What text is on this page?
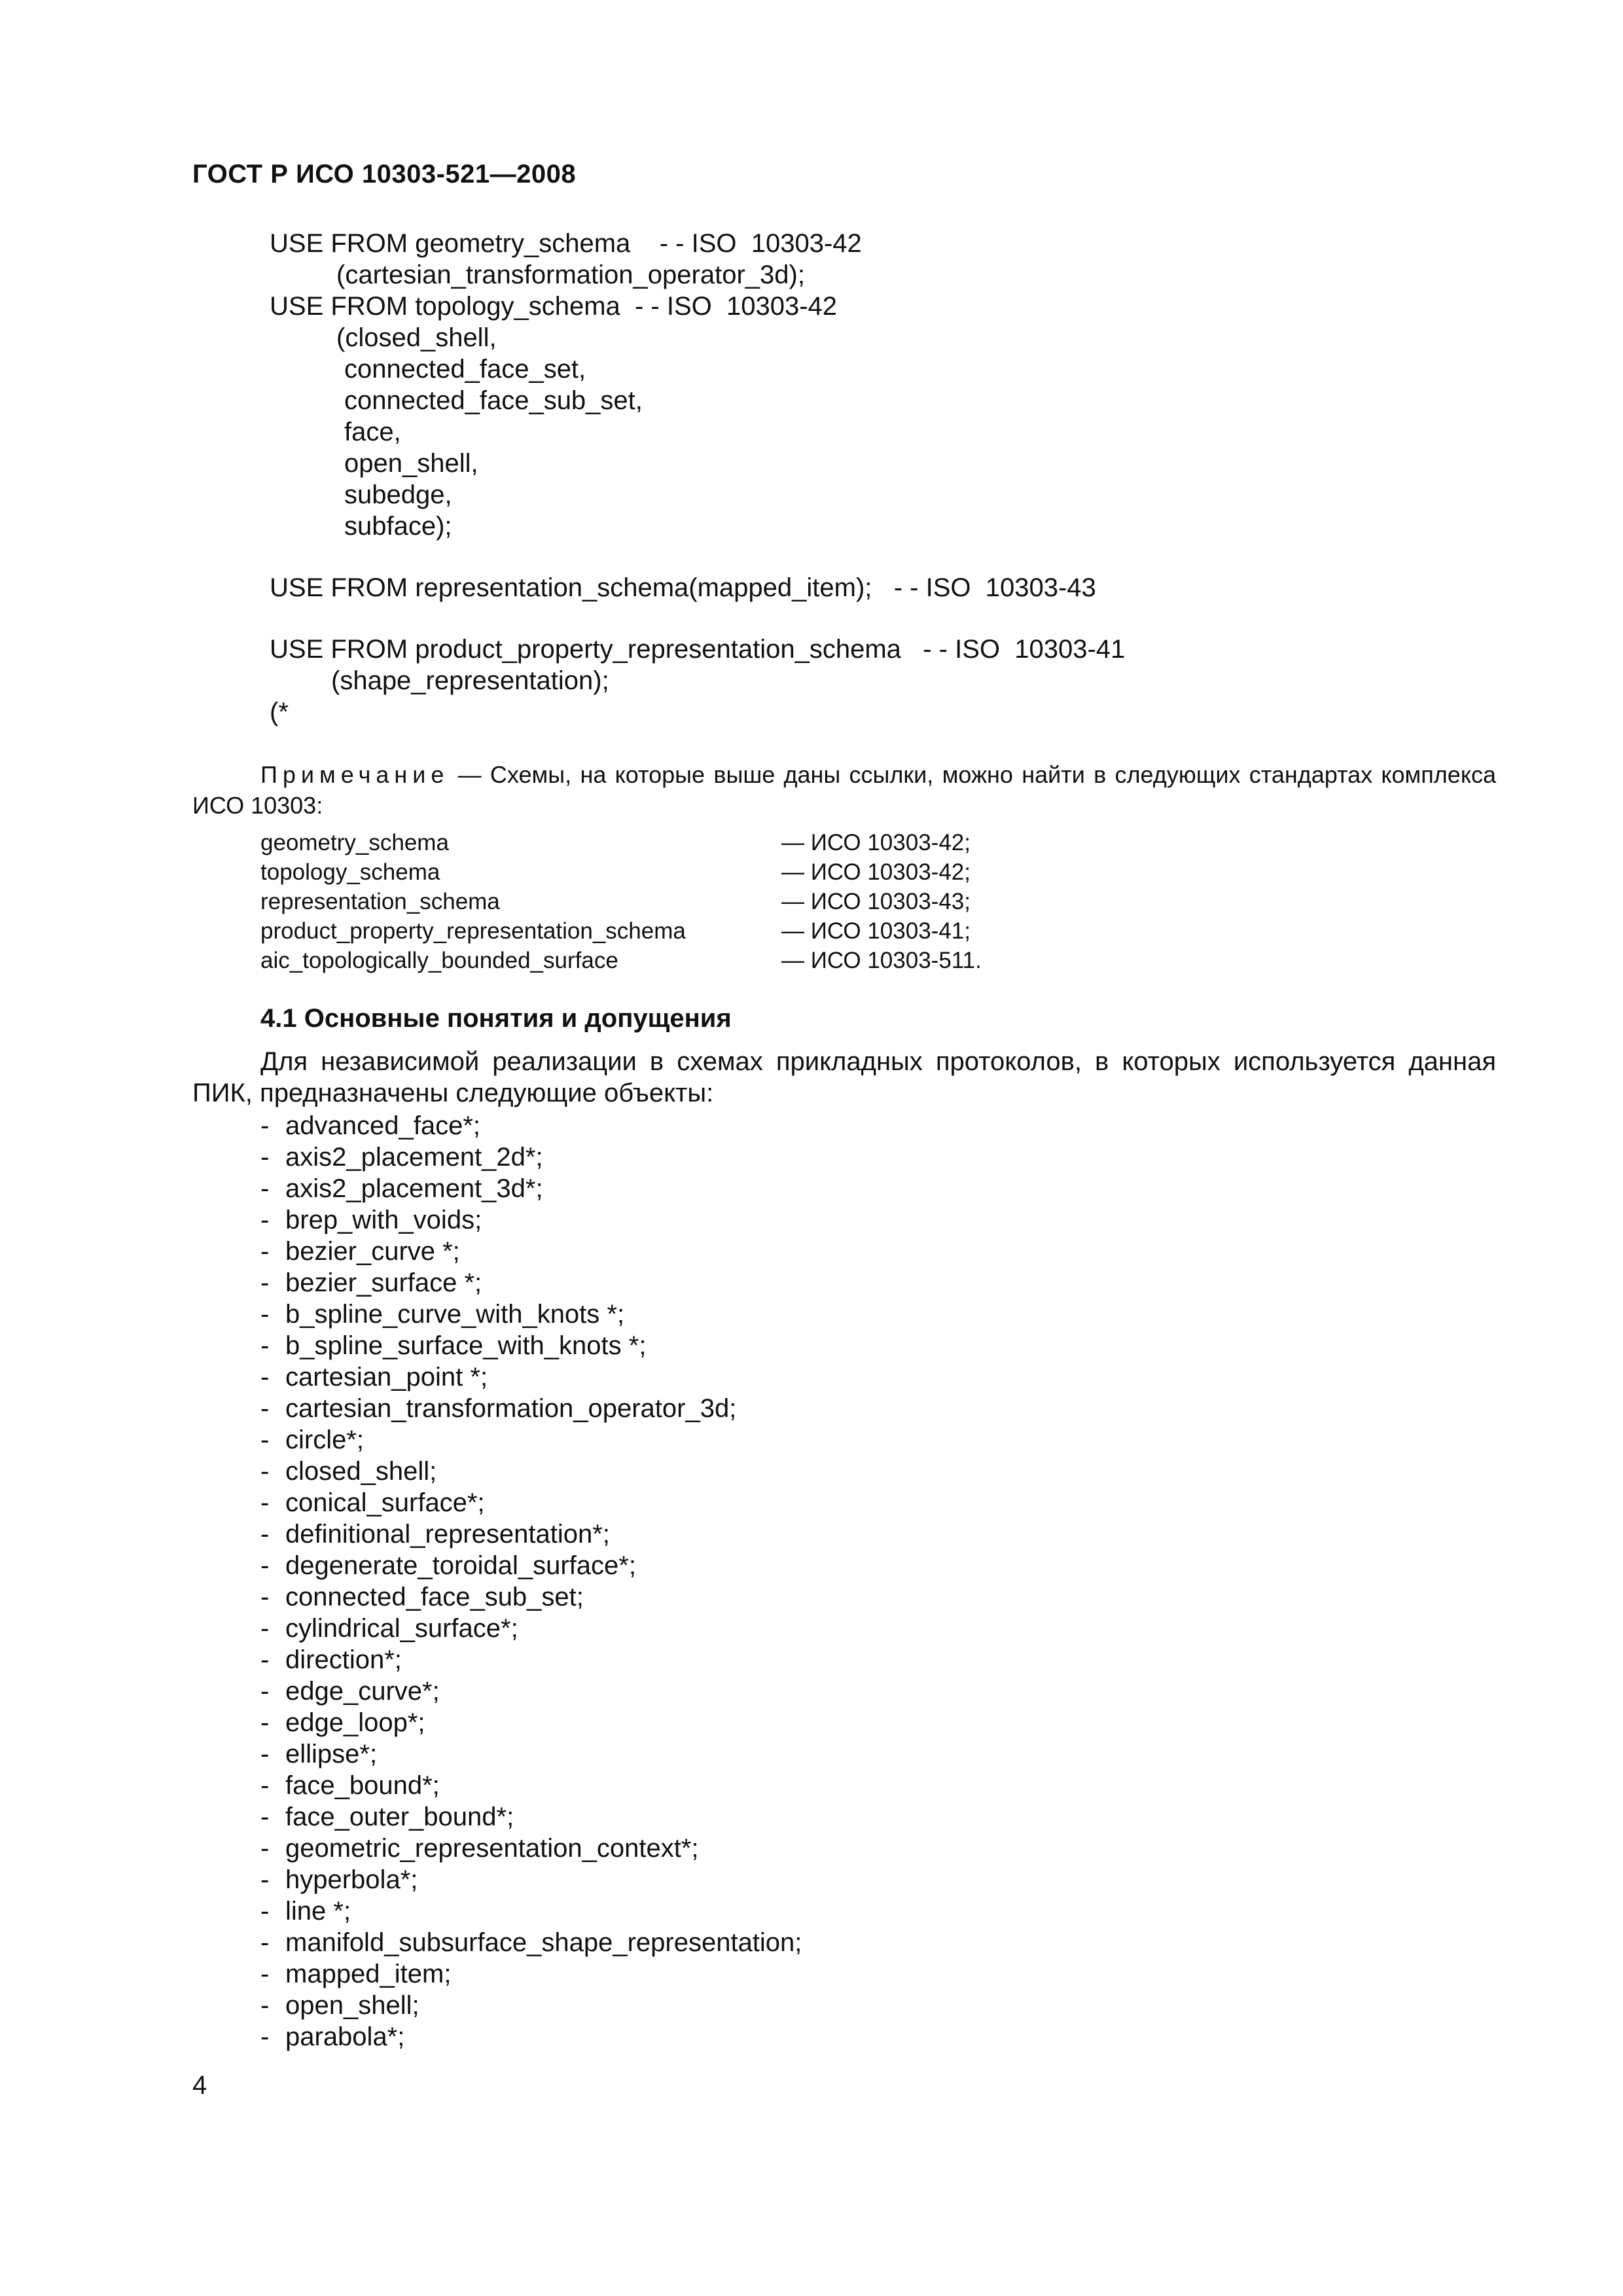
ГОСТ Р ИСО 10303-521—2008
USE FROM geometry_schema    - - ISO  10303-42
(cartesian_transformation_operator_3d);
USE FROM topology_schema  - - ISO  10303-42
(closed_shell,
connected_face_set,
connected_face_sub_set,
face,
open_shell,
subedge,
subface);
USE FROM representation_schema(mapped_item);   - - ISO  10303-43
USE FROM product_property_representation_schema   - - ISO  10303-41
(shape_representation);
(*
Примечание — Схемы, на которые выше даны ссылки, можно найти в следующих стандартах комплекса ИСО 10303:
geometry_schema	— ИСО 10303-42;
topology_schema	— ИСО 10303-42;
representation_schema	— ИСО 10303-43;
product_property_representation_schema	— ИСО 10303-41;
aic_topologically_bounded_surface	— ИСО 10303-511.
4.1 Основные понятия и допущения
Для независимой реализации в схемах прикладных протоколов, в которых используется данная ПИК, предназначены следующие объекты:
- advanced_face*;
- axis2_placement_2d*;
- axis2_placement_3d*;
- brep_with_voids;
- bezier_curve *;
- bezier_surface *;
- b_spline_curve_with_knots *;
- b_spline_surface_with_knots *;
- cartesian_point *;
- cartesian_transformation_operator_3d;
- circle*;
- closed_shell;
- conical_surface*;
- definitional_representation*;
- degenerate_toroidal_surface*;
- connected_face_sub_set;
- cylindrical_surface*;
- direction*;
- edge_curve*;
- edge_loop*;
- ellipse*;
- face_bound*;
- face_outer_bound*;
- geometric_representation_context*;
- hyperbola*;
- line *;
- manifold_subsurface_shape_representation;
- mapped_item;
- open_shell;
- parabola*;
4
